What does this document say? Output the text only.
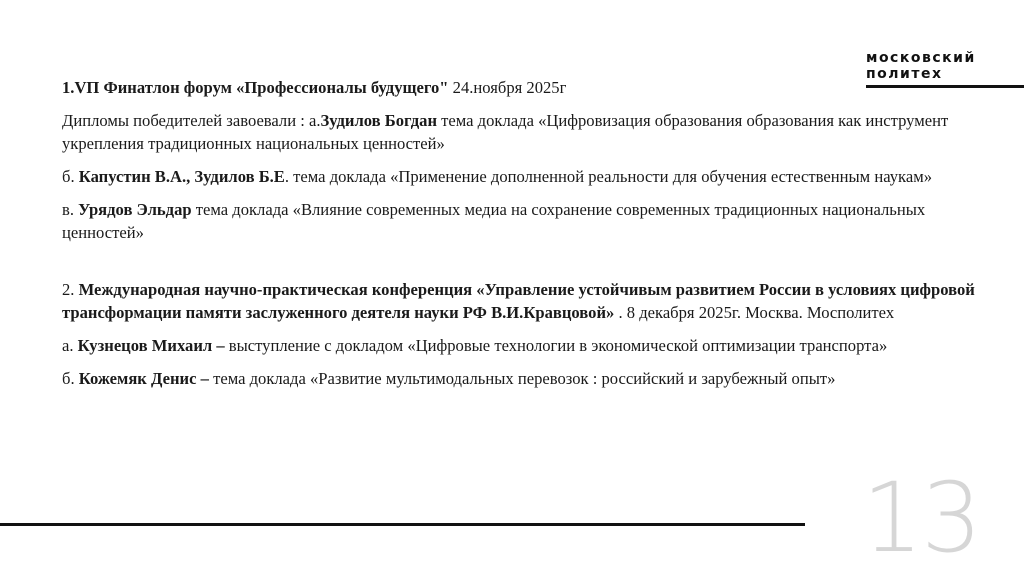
московский
политех

1.VП Финатлон форум «Профессионалы будущего" 24.ноября 2025г

Дипломы победителей завоевали : а.Зудилов Богдан тема доклада «Цифровизация образования образования как инструмент укрепления традиционных национальных ценностей»

б. Капустин В.А., Зудилов Б.Е. тема доклада «Применение дополненной реальности для обучения естественным наукам»

в. Урядов Эльдар тема доклада «Влияние современных медиа на сохранение современных традиционных национальных ценностей»

2. Международная научно-практическая конференция «Управление устойчивым развитием России в условиях цифровой трансформации памяти заслуженного деятеля науки РФ В.И.Кравцовой» . 8 декабря 2025г. Москва. Мосполитех

а. Кузнецов Михаил – выступление с докладом «Цифровые технологии в экономической оптимизации транспорта»

б. Кожемяк Денис – тема доклада «Развитие мультимодальных перевозок : российский и зарубежный опыт»

13
